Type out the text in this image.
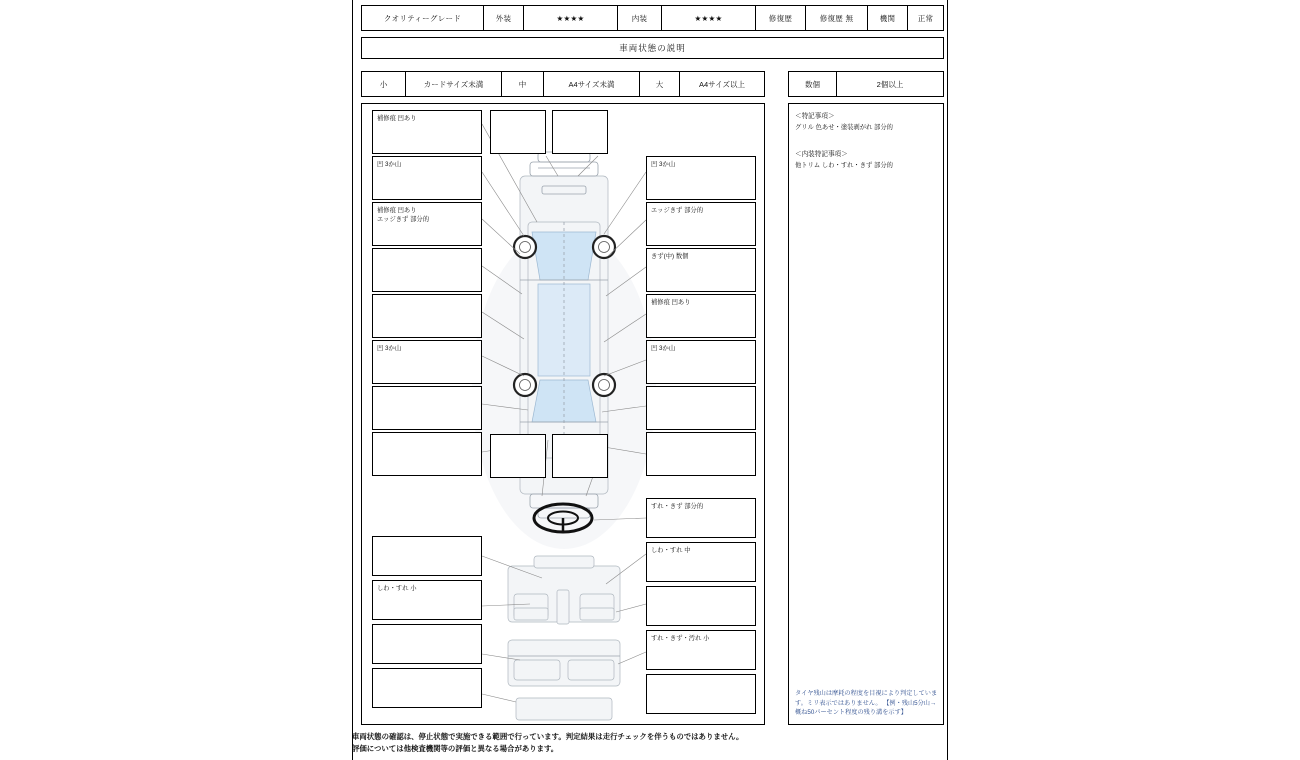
クオリティーグレード	外装	★★★★	内装	★★★★	修復歴	修復歴 無	機関	正常
車両状態の説明
小	カードサイズ未満	中	A4サイズ未満	大	A4サイズ以上	数個	2個以上
補修痕 凹あり
凹 3か山
補修痕 凹あり
エッジきず 部分的
凹 3か山
凹 3か山
エッジきず 部分的
きず(中) 数個
補修痕 凹あり
凹 3か山
すれ・きず 部分的
しわ・すれ 中
すれ・きず・汚れ 小
しわ・すれ 小
＜特記事項＞
グリル 色あせ・塗装剥がれ 部分的
＜内装特記事項＞
他トリム しわ・すれ・きず 部分的
タイヤ残山は摩耗の程度を目視により判定しています。ミリ表示ではありません。 【例・残山5分山→概ね50パーセント程度の残り溝を示す】
車両状態の確認は、停止状態で実施できる範囲で行っています。判定結果は走行チェックを伴うものではありません。
評価については他検査機関等の評価と異なる場合があります。
